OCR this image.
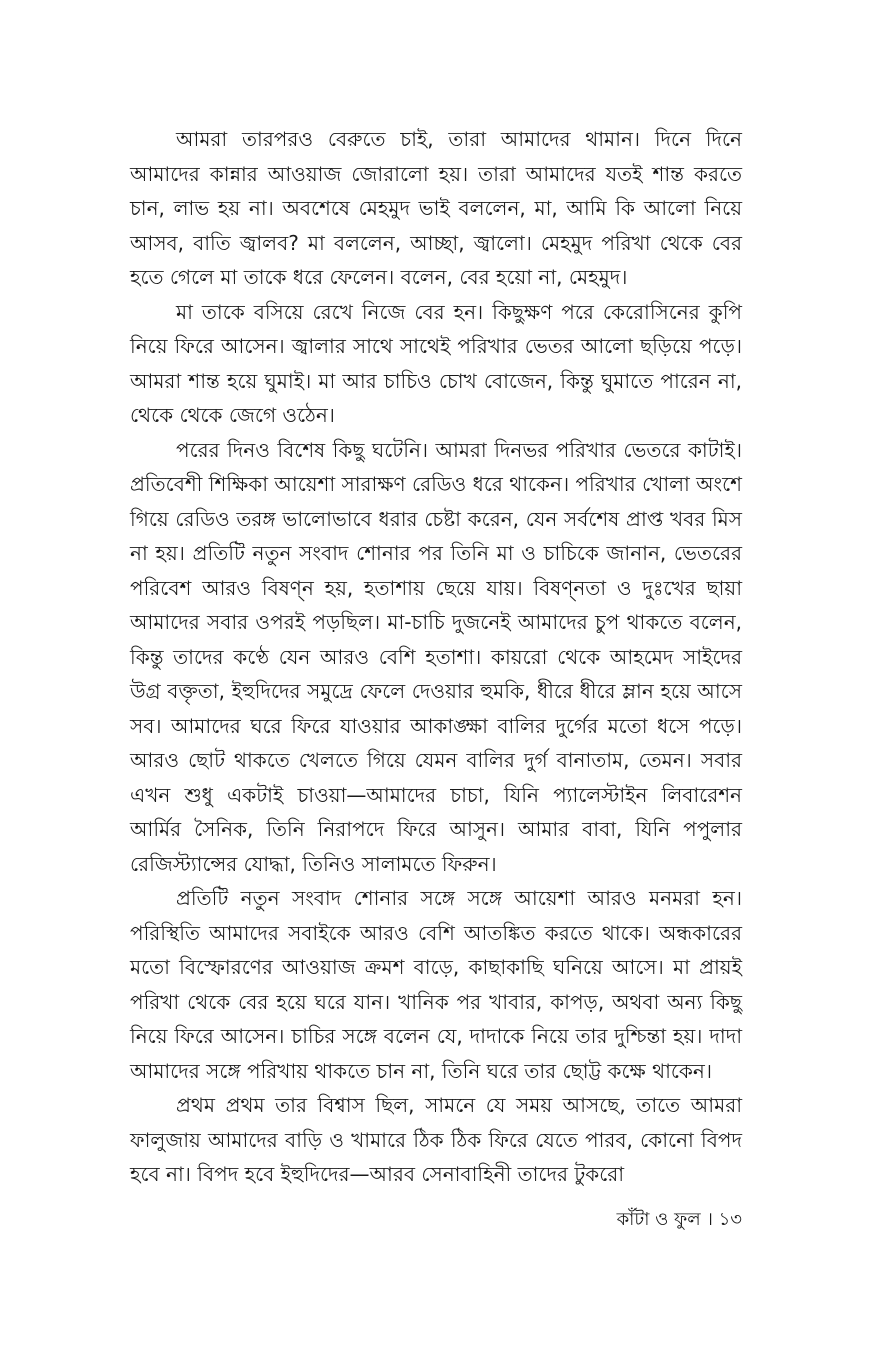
আমরা তারপরও বেরুতে চাই, তারা আমাদের থামান। দিনে দিনে আমাদের কান্নার আওয়াজ জোরালো হয়। তারা আমাদের যতই শান্ত করতে চান, লাভ হয় না। অবশেষে মেহমুদ ভাই বললেন, মা, আমি কি আলো নিয়ে আসব, বাতি জ্বালব? মা বললেন, আচ্ছা, জ্বালো। মেহমুদ পরিখা থেকে বের হতে গেলে মা তাকে ধরে ফেলেন। বলেন, বের হয়ো না, মেহমুদ।

মা তাকে বসিয়ে রেখে নিজে বের হন। কিছুক্ষণ পরে কেরোসিনের কুপি নিয়ে ফিরে আসেন। জ্বালার সাথে সাথেই পরিখার ভেতর আলো ছড়িয়ে পড়ে। আমরা শান্ত হয়ে ঘুমাই। মা আর চাচিও চোখ বোজেন, কিন্তু ঘুমাতে পারেন না, থেকে থেকে জেগে ওঠেন।

পরের দিনও বিশেষ কিছু ঘটেনি। আমরা দিনভর পরিখার ভেতরে কাটাই। প্রতিবেশী শিক্ষিকা আয়েশা সারাক্ষণ রেডিও ধরে থাকেন। পরিখার খোলা অংশে গিয়ে রেডিও তরঙ্গ ভালোভাবে ধরার চেষ্টা করেন, যেন সর্বশেষ প্রাপ্ত খবর মিস না হয়। প্রতিটি নতুন সংবাদ শোনার পর তিনি মা ও চাচিকে জানান, ভেতরের পরিবেশ আরও বিষণ্ন হয়, হতাশায় ছেয়ে যায়। বিষণ্নতা ও দুঃখের ছায়া আমাদের সবার ওপরই পড়ছিল। মা-চাচি দুজনেই আমাদের চুপ থাকতে বলেন, কিন্তু তাদের কণ্ঠে যেন আরও বেশি হতাশা। কায়রো থেকে আহমেদ সাইদের উগ্র বক্তৃতা, ইহুদিদের সমুদ্রে ফেলে দেওয়ার হুমকি, ধীরে ধীরে ম্লান হয়ে আসে সব। আমাদের ঘরে ফিরে যাওয়ার আকাঙ্ক্ষা বালির দুর্গের মতো ধসে পড়ে। আরও ছোট থাকতে খেলতে গিয়ে যেমন বালির দুর্গ বানাতাম, তেমন। সবার এখন শুধু একটাই চাওয়া—আমাদের চাচা, যিনি প্যালেস্টাইন লিবারেশন আর্মির সৈনিক, তিনি নিরাপদে ফিরে আসুন। আমার বাবা, যিনি পপুলার রেজিস্ট্যান্সের যোদ্ধা, তিনিও সালামতে ফিরুন।

প্রতিটি নতুন সংবাদ শোনার সঙ্গে সঙ্গে আয়েশা আরও মনমরা হন। পরিস্থিতি আমাদের সবাইকে আরও বেশি আতঙ্কিত করতে থাকে। অন্ধকারের মতো বিস্ফোরণের আওয়াজ ক্রমশ বাড়ে, কাছাকাছি ঘনিয়ে আসে। মা প্রায়ই পরিখা থেকে বের হয়ে ঘরে যান। খানিক পর খাবার, কাপড়, অথবা অন্য কিছু নিয়ে ফিরে আসেন। চাচির সঙ্গে বলেন যে, দাদাকে নিয়ে তার দুশ্চিন্তা হয়। দাদা আমাদের সঙ্গে পরিখায় থাকতে চান না, তিনি ঘরে তার ছোট্ট কক্ষে থাকেন।

প্রথম প্রথম তার বিশ্বাস ছিল, সামনে যে সময় আসছে, তাতে আমরা ফালুজায় আমাদের বাড়ি ও খামারে ঠিক ঠিক ফিরে যেতে পারব, কোনো বিপদ হবে না। বিপদ হবে ইহুদিদের—আরব সেনাবাহিনী তাদের টুকরো

কাঁটা ও ফুল । ১৩
